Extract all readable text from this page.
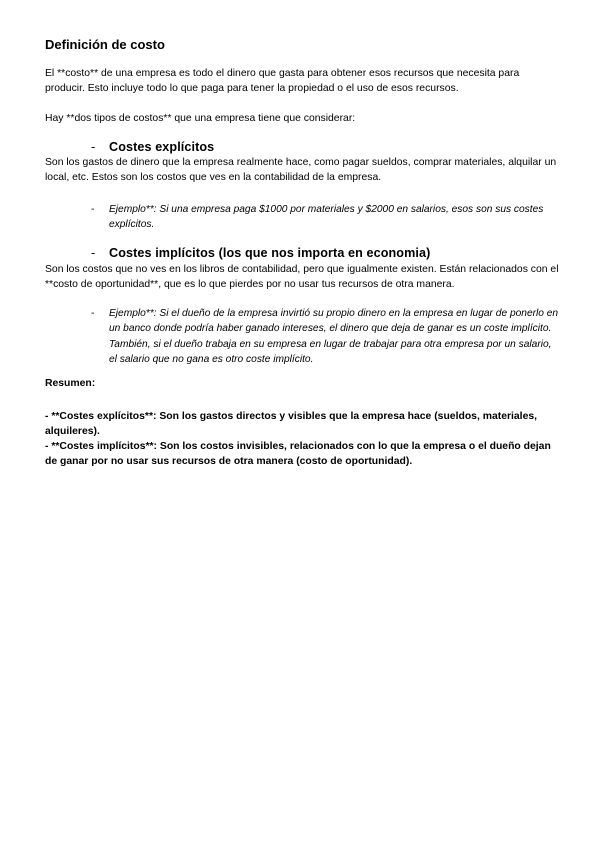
Definición de costo
El **costo** de una empresa es todo el dinero que gasta para obtener esos recursos que necesita para producir. Esto incluye todo lo que paga para tener la propiedad o el uso de esos recursos.
Hay **dos tipos de costos** que una empresa tiene que considerar:
- Costes explícitos
Son los gastos de dinero que la empresa realmente hace, como pagar sueldos, comprar materiales, alquilar un local, etc. Estos son los costos que ves en la contabilidad de la empresa.
- Ejemplo**: Si una empresa paga $1000 por materiales y $2000 en salarios, esos son sus costes explícitos.
- Costes implícitos (los que nos importa en economia)
Son los costos que no ves en los libros de contabilidad, pero que igualmente existen. Están relacionados con el **costo de oportunidad**, que es lo que pierdes por no usar tus recursos de otra manera.
- Ejemplo**: Si el dueño de la empresa invirtió su propio dinero en la empresa en lugar de ponerlo en un banco donde podría haber ganado intereses, el dinero que deja de ganar es un coste implícito. También, si el dueño trabaja en su empresa en lugar de trabajar para otra empresa por un salario, el salario que no gana es otro coste implícito.
Resumen:
- **Costes explícitos**: Son los gastos directos y visibles que la empresa hace (sueldos, materiales, alquileres).
- **Costes implícitos**: Son los costos invisibles, relacionados con lo que la empresa o el dueño dejan de ganar por no usar sus recursos de otra manera (costo de oportunidad).
